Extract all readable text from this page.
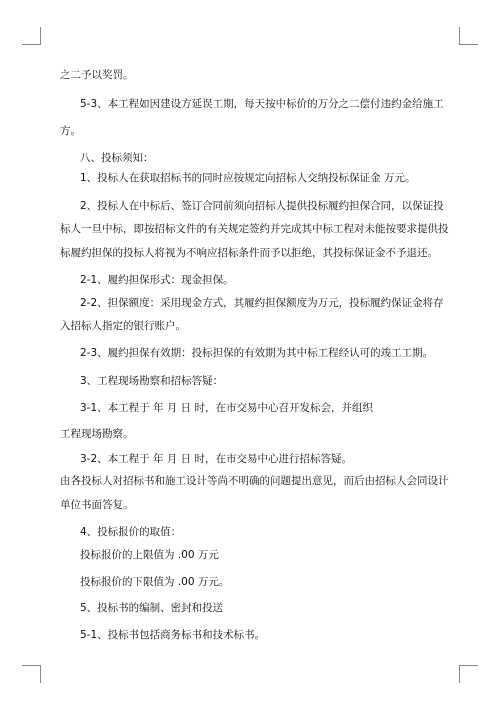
之二予以奖罚。
5-3、本工程如因建设方延误工期，每天按中标价的万分之二偿付违约金给施工
方。
八、投标须知：
1、投标人在获取招标书的同时应按规定向招标人交纳投标保证金 万元。
2、投标人在中标后、签订合同前须向招标人提供投标履约担保合同，以保证投
标人一旦中标，即按招标文件的有关规定签约并完成其中标工程对未能按要求提供投
标履约担保的投标人将视为不响应招标条件而予以拒绝，其投标保证金不予退还。
2-1、履约担保形式：现金担保。
2-2、担保额度：采用现金方式，其履约担保额度为万元，投标履约保证金将存
入招标人指定的银行账户。
2-3、履约担保有效期：投标担保的有效期为其中标工程经认可的竣工工期。
3、工程现场勘察和招标答疑：
3-1、本工程于 年 月 日 时，在市交易中心召开发标会，并组织
工程现场勘察。
3-2、本工程于 年 月 日 时，在市交易中心进行招标答疑。
由各投标人对招标书和施工设计等尚不明确的问题提出意见，而后由招标人会同设计
单位书面答复。
4、投标报价的取值：
投标报价的上限值为 .00 万元
投标报价的下限值为 .00 万元。
5、投标书的编制、密封和投送
5-1、投标书包括商务标书和技术标书。
